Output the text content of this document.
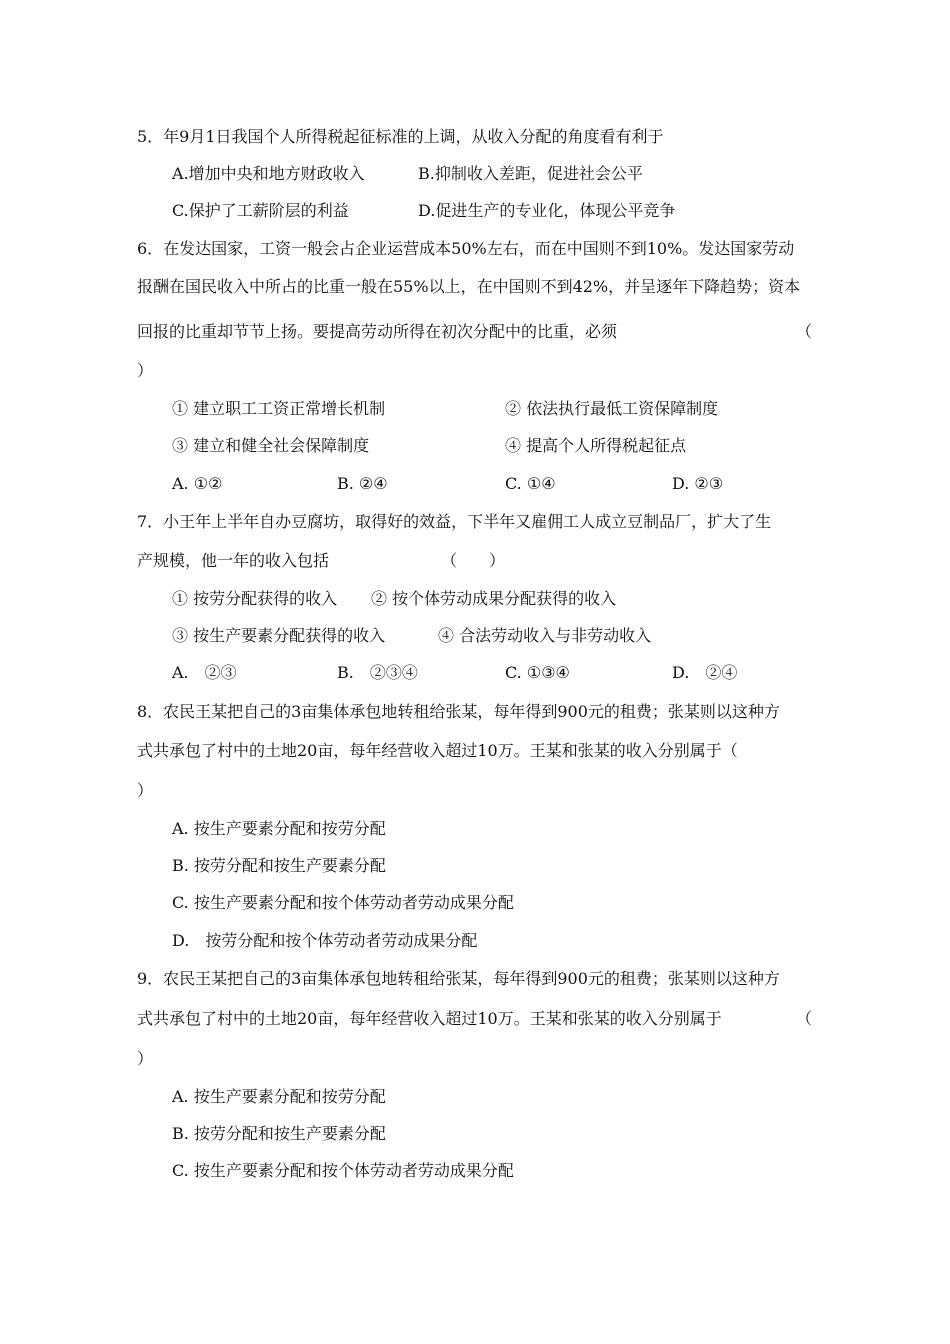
5．年9月1日我国个人所得税起征标准的上调，从收入分配的角度看有利于
A.增加中央和地方财政收入	B.抑制收入差距，促进社会公平
C.保护了工薪阶层的利益	D.促进生产的专业化，体现公平竞争
6．在发达国家，工资一般会占企业运营成本50%左右，而在中国则不到10%。发达国家劳动
报酬在国民收入中所占的比重一般在55%以上，在中国则不到42%，并呈逐年下降趋势；资本
回报的比重却节节上扬。要提高劳动所得在初次分配中的比重，必须	（
）
① 建立职工工资正常增长机制	② 依法执行最低工资保障制度
③ 建立和健全社会保障制度	④ 提高个人所得税起征点
A. ①②	B. ②④	C. ①④	D. ②③
7．小王年上半年自办豆腐坊，取得好的效益，下半年又雇佣工人成立豆制品厂，扩大了生
产规模，他一年的收入包括	（　　）
① 按劳分配获得的收入 ② 按个体劳动成果分配获得的收入
③ 按生产要素分配获得的收入	④ 合法劳动收入与非劳动收入
A.　②③	B.　②③④	C. ①③④	D.　②④
8．农民王某把自己的3亩集体承包地转租给张某，每年得到900元的租费；张某则以这种方
式共承包了村中的土地20亩，每年经营收入超过10万。王某和张某的收入分别属于（
）
A. 按生产要素分配和按劳分配
B. 按劳分配和按生产要素分配
C. 按生产要素分配和按个体劳动者劳动成果分配
D.　按劳分配和按个体劳动者劳动成果分配
9．农民王某把自己的3亩集体承包地转租给张某，每年得到900元的租费；张某则以这种方
式共承包了村中的土地20亩，每年经营收入超过10万。王某和张某的收入分别属于	（
）
A. 按生产要素分配和按劳分配
B. 按劳分配和按生产要素分配
C. 按生产要素分配和按个体劳动者劳动成果分配
